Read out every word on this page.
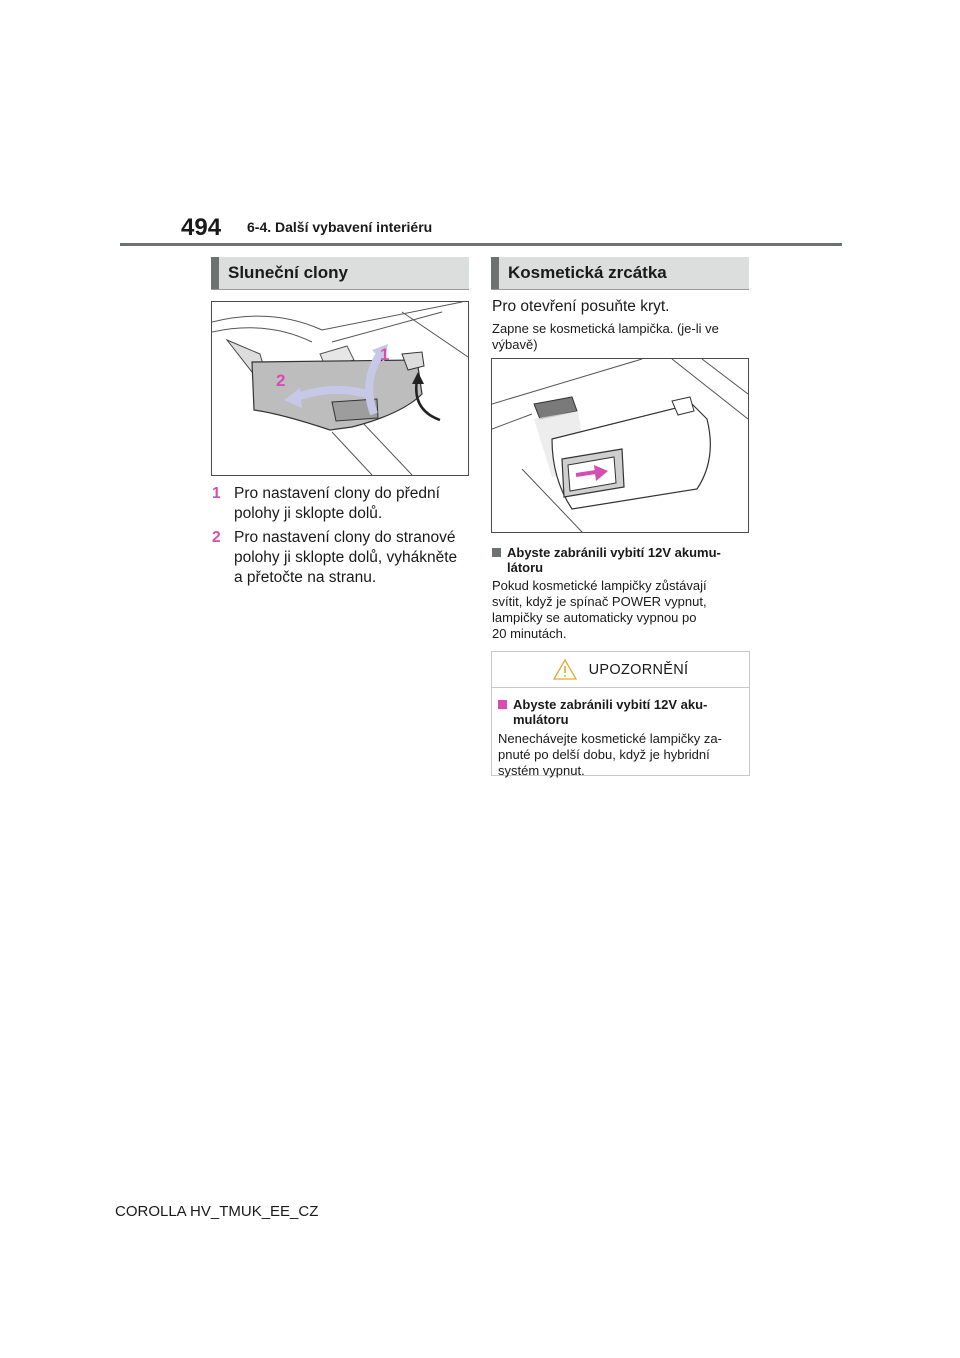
494 6-4. Další vybavení interiéru
Sluneční clony
1
2
1 Pro nastavení clony do přední
polohy ji sklopte dolů.
2 Pro nastavení clony do stranové
polohy ji sklopte dolů, vyhákněte
a přetočte na stranu.
Kosmetická zrcátka
Pro otevření posuňte kryt.
Zapne se kosmetická lampička. (je-li ve
výbavě)
Abyste zabránili vybití 12V akumu-
látoru
Pokud kosmetické lampičky zůstávají
svítit, když je spínač POWER vypnut,
lampičky se automaticky vypnou po
20 minutách.
UPOZORNĚNÍ
Abyste zabránili vybití 12V aku-
mulátoru
Nenechávejte kosmetické lampičky za-
pnuté po delší dobu, když je hybridní
systém vypnut.
COROLLA HV_TMUK_EE_CZ
